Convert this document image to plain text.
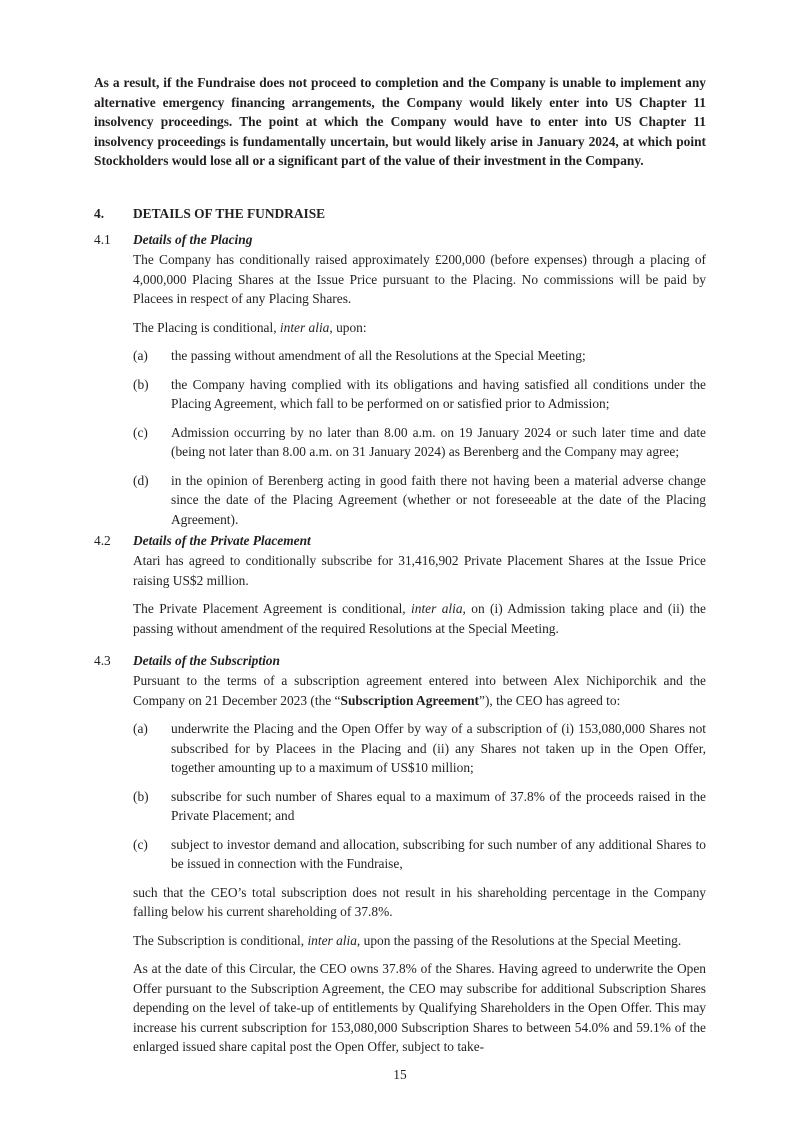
As a result, if the Fundraise does not proceed to completion and the Company is unable to implement any alternative emergency financing arrangements, the Company would likely enter into US Chapter 11 insolvency proceedings. The point at which the Company would have to enter into US Chapter 11 insolvency proceedings is fundamentally uncertain, but would likely arise in January 2024, at which point Stockholders would lose all or a significant part of the value of their investment in the Company.

4. DETAILS OF THE FUNDRAISE
4.1 Details of the Placing

The Company has conditionally raised approximately £200,000 (before expenses) through a placing of 4,000,000 Placing Shares at the Issue Price pursuant to the Placing. No commissions will be paid by Placees in respect of any Placing Shares.

The Placing is conditional, inter alia, upon:

(a) the passing without amendment of all the Resolutions at the Special Meeting;
(b) the Company having complied with its obligations and having satisfied all conditions under the Placing Agreement, which fall to be performed on or satisfied prior to Admission;
(c) Admission occurring by no later than 8.00 a.m. on 19 January 2024 or such later time and date (being not later than 8.00 a.m. on 31 January 2024) as Berenberg and the Company may agree;
(d) in the opinion of Berenberg acting in good faith there not having been a material adverse change since the date of the Placing Agreement (whether or not foreseeable at the date of the Placing Agreement).
4.2 Details of the Private Placement

Atari has agreed to conditionally subscribe for 31,416,902 Private Placement Shares at the Issue Price raising US$2 million.

The Private Placement Agreement is conditional, inter alia, on (i) Admission taking place and (ii) the passing without amendment of the required Resolutions at the Special Meeting.

4.3 Details of the Subscription

Pursuant to the terms of a subscription agreement entered into between Alex Nichiporchik and the Company on 21 December 2023 (the “Subscription Agreement”), the CEO has agreed to:

(a) underwrite the Placing and the Open Offer by way of a subscription of (i) 153,080,000 Shares not subscribed for by Placees in the Placing and (ii) any Shares not taken up in the Open Offer, together amounting up to a maximum of US$10 million;
(b) subscribe for such number of Shares equal to a maximum of 37.8% of the proceeds raised in the Private Placement; and
(c) subject to investor demand and allocation, subscribing for such number of any additional Shares to be issued in connection with the Fundraise,

such that the CEO’s total subscription does not result in his shareholding percentage in the Company falling below his current shareholding of 37.8%.

The Subscription is conditional, inter alia, upon the passing of the Resolutions at the Special Meeting.

As at the date of this Circular, the CEO owns 37.8% of the Shares. Having agreed to underwrite the Open Offer pursuant to the Subscription Agreement, the CEO may subscribe for additional Subscription Shares depending on the level of take-up of entitlements by Qualifying Shareholders in the Open Offer. This may increase his current subscription for 153,080,000 Subscription Shares to between 54.0% and 59.1% of the enlarged issued share capital post the Open Offer, subject to take-

15
